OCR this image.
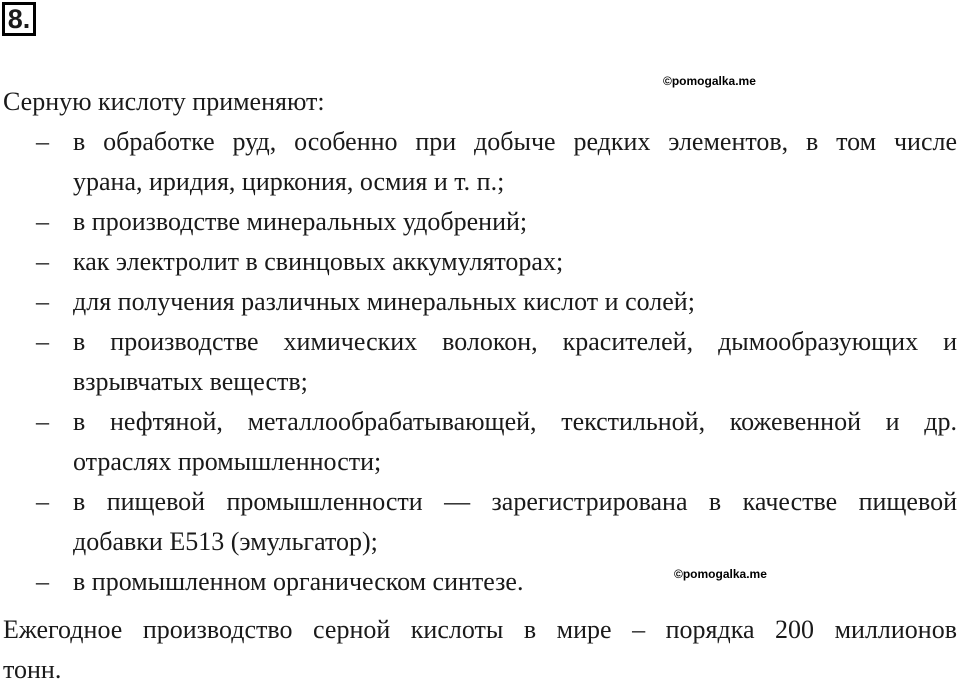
8.
©pomogalka.me
Серную кислоту применяют:
– в обработке руд, особенно при добыче редких элементов, в том числе
урана, иридия, циркония, осмия и т. п.;
– в производстве минеральных удобрений;
– как электролит в свинцовых аккумуляторах;
– для получения различных минеральных кислот и солей;
– в производстве химических волокон, красителей, дымообразующих и
взрывчатых веществ;
– в нефтяной, металлообрабатывающей, текстильной, кожевенной и др.
отраслях промышленности;
– в пищевой промышленности — зарегистрирована в качестве пищевой
добавки E513 (эмульгатор);
– в промышленном органическом синтезе.	©pomogalka.me
Ежегодное производство серной кислоты в мире – порядка 200 миллионов
тонн.
